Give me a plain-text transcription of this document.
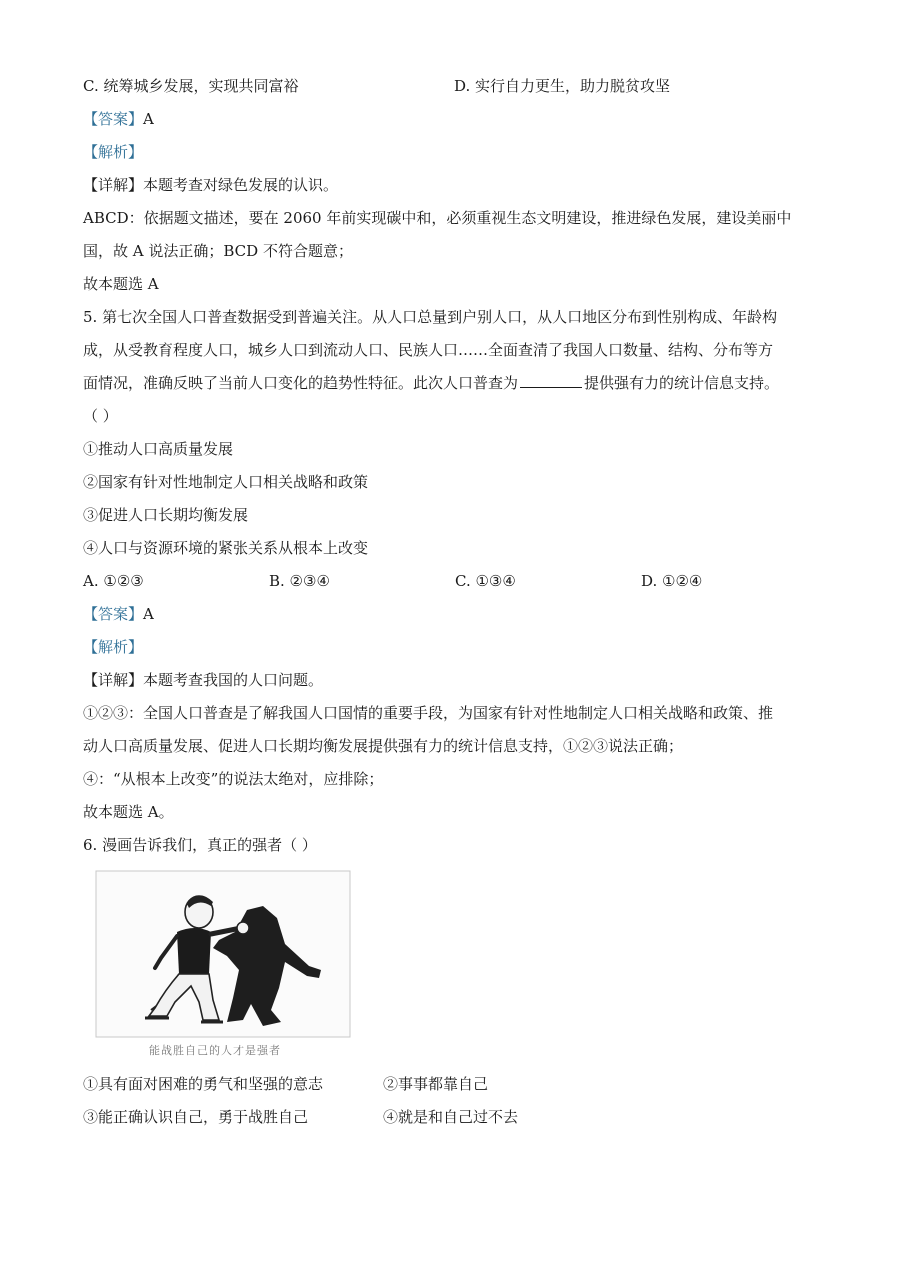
C. 统筹城乡发展，实现共同富裕	D. 实行自力更生，助力脱贫攻坚
【答案】A
【解析】
【详解】本题考查对绿色发展的认识。
ABCD：依据题文描述，要在 2060 年前实现碳中和，必须重视生态文明建设，推进绿色发展，建设美丽中
国，故 A 说法正确；BCD 不符合题意；
故本题选 A
5. 第七次全国人口普查数据受到普遍关注。从人口总量到户别人口，从人口地区分布到性别构成、年龄构
成，从受教育程度人口，城乡人口到流动人口、民族人口……全面查清了我国人口数量、结构、分布等方
面情况，准确反映了当前人口变化的趋势性特征。此次人口普查为	提供强有力的统计信息支持。
（ ）
①推动人口高质量发展
②国家有针对性地制定人口相关战略和政策
③促进人口长期均衡发展
④人口与资源环境的紧张关系从根本上改变
A. ①②③	B. ②③④	C. ①③④	D. ①②④
【答案】A
【解析】
【详解】本题考查我国的人口问题。
①②③：全国人口普查是了解我国人口国情的重要手段，为国家有针对性地制定人口相关战略和政策、推
动人口高质量发展、促进人口长期均衡发展提供强有力的统计信息支持，①②③说法正确；
④：“从根本上改变”的说法太绝对，应排除；
故本题选 A。
6. 漫画告诉我们，真正的强者（ ）
能战胜自己的人才是强者
①具有面对困难的勇气和坚强的意志	②事事都靠自己
③能正确认识自己，勇于战胜自己	④就是和自己过不去
